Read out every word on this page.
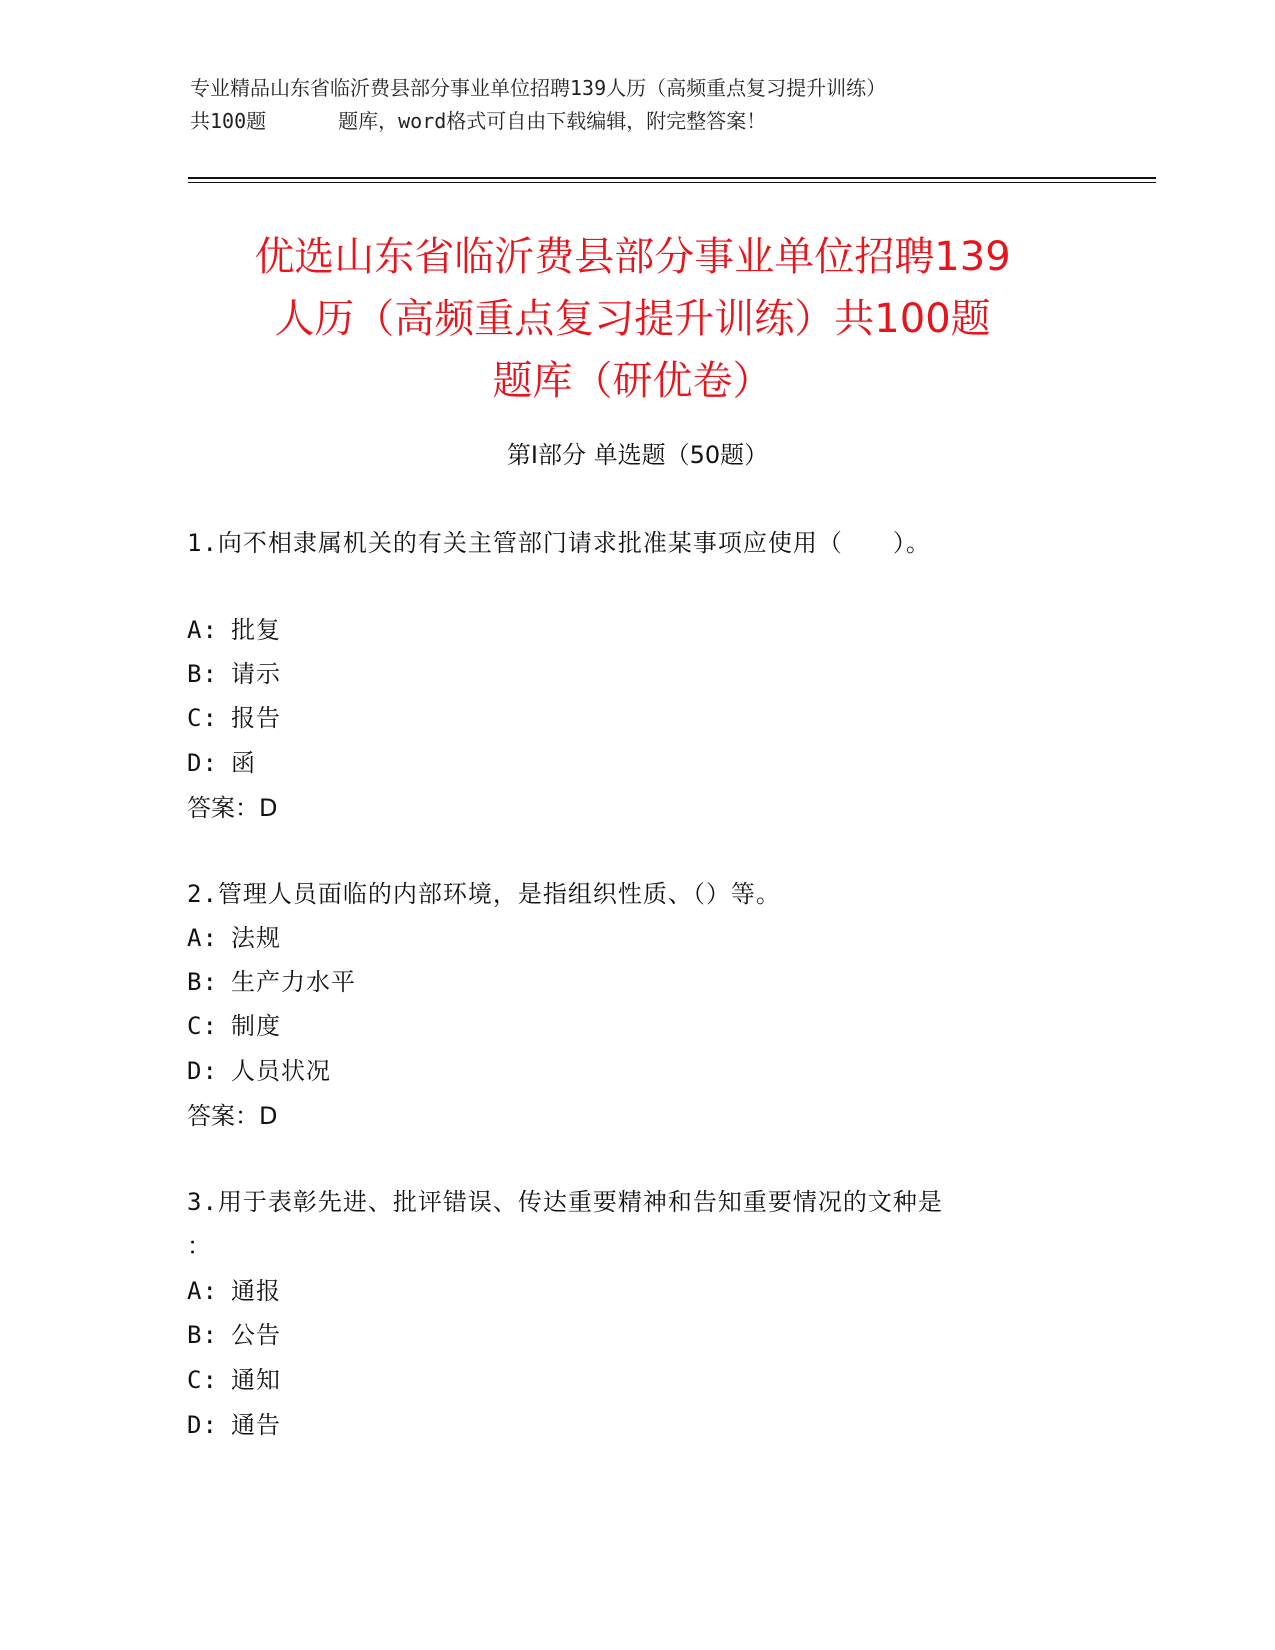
专业精品山东省临沂费县部分事业单位招聘139人历（高频重点复习提升训练）
共100题	题库，word格式可自由下载编辑，附完整答案！
优选山东省临沂费县部分事业单位招聘139
人历（高频重点复习提升训练）共100题
题库（研优卷）
第Ⅰ部分 单选题（50题）
1.向不相隶属机关的有关主管部门请求批准某事项应使用（　　）。
A: 批复
B: 请示
C: 报告
D: 函
答案：D
2.管理人员面临的内部环境，是指组织性质、（）等。
A: 法规
B: 生产力水平
C: 制度
D: 人员状况
答案：D
3.用于表彰先进、批评错误、传达重要精神和告知重要情况的文种是
：
A: 通报
B: 公告
C: 通知
D: 通告
